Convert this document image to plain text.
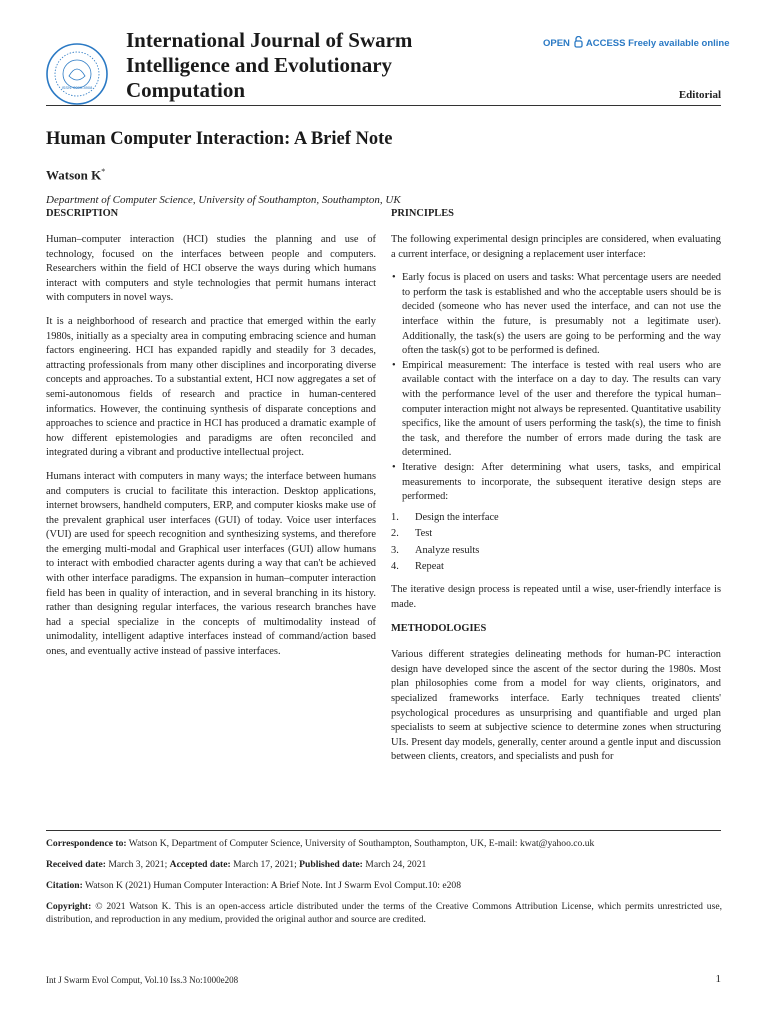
ISSN: 2090-4908
International Journal of Swarm Intelligence and Evolutionary Computation
OPEN ACCESS Freely available online
Editorial
Human Computer Interaction: A Brief Note
Watson K*
Department of Computer Science, University of Southampton, Southampton, UK
DESCRIPTION

Human–computer interaction (HCI) studies the planning and use of technology, focused on the interfaces between people and computers. Researchers within the field of HCI observe the ways during which humans interact with computers and style technologies that permit humans interact with computers in novel ways.

It is a neighborhood of research and practice that emerged within the early 1980s, initially as a specialty area in computing embracing science and human factors engineering. HCI has expanded rapidly and steadily for 3 decades, attracting professionals from many other disciplines and incorporating diverse concepts and approaches. To a substantial extent, HCI now aggregates a set of semi-autonomous fields of research and practice in human-centered informatics. However, the continuing synthesis of disparate conceptions and approaches to science and practice in HCI has produced a dramatic example of how different epistemologies and paradigms are often reconciled and integrated during a vibrant and productive intellectual project.

Humans interact with computers in many ways; the interface between humans and computers is crucial to facilitate this interaction. Desktop applications, internet browsers, handheld computers, ERP, and computer kiosks make use of the prevalent graphical user interfaces (GUI) of today. Voice user interfaces (VUI) are used for speech recognition and synthesizing systems, and therefore the emerging multi-modal and Graphical user interfaces (GUI) allow humans to interact with embodied character agents during a way that can't be achieved with other interface paradigms. The expansion in human–computer interaction field has been in quality of interaction, and in several branching in its history. rather than designing regular interfaces, the various research branches have had a special specialize in the concepts of multimodality instead of unimodality, intelligent adaptive interfaces instead of command/action based ones, and eventually active instead of passive interfaces.

PRINCIPLES

The following experimental design principles are considered, when evaluating a current interface, or designing a replacement user interface:

• Early focus is placed on users and tasks: What percentage users are needed to perform the task is established and who the acceptable users should be is decided (someone who has never used the interface, and can not use the interface within the future, is presumably not a legitimate user). Additionally, the task(s) the users are going to be performing and the way often the task(s) got to be performed is defined.
• Empirical measurement: The interface is tested with real users who are available contact with the interface on a day to day. The results can vary with the performance level of the user and therefore the typical human–computer interaction might not always be represented. Quantitative usability specifics, like the amount of users performing the task(s), the time to finish the task, and therefore the number of errors made during the task are determined.
• Iterative design: After determining what users, tasks, and empirical measurements to incorporate, the subsequent iterative design steps are performed:
1.	Design the interface
2.	Test
3.	Analyze results
4.	Repeat

The iterative design process is repeated until a wise, user-friendly interface is made.

METHODOLOGIES

Various different strategies delineating methods for human-PC interaction design have developed since the ascent of the sector during the 1980s. Most plan philosophies come from a model for way clients, originators, and specialized frameworks interface. Early techniques treated clients' psychological procedures as unsurprising and quantifiable and urged plan specialists to seem at subjective science to determine zones when structuring UIs. Present day models, generally, center around a gentle input and discussion between clients, creators, and specialists and push for

Correspondence to: Watson K, Department of Computer Science, University of Southampton, Southampton, UK, E-mail: kwat@yahoo.co.uk
Received date: March 3, 2021; Accepted date: March 17, 2021; Published date: March 24, 2021
Citation: Watson K (2021) Human Computer Interaction: A Brief Note. Int J Swarm Evol Comput.10: e208
Copyright: © 2021 Watson K. This is an open-access article distributed under the terms of the Creative Commons Attribution License, which permits unrestricted use, distribution, and reproduction in any medium, provided the original author and source are credited.
Int J Swarm Evol Comput, Vol.10 Iss.3 No:1000e208	1
